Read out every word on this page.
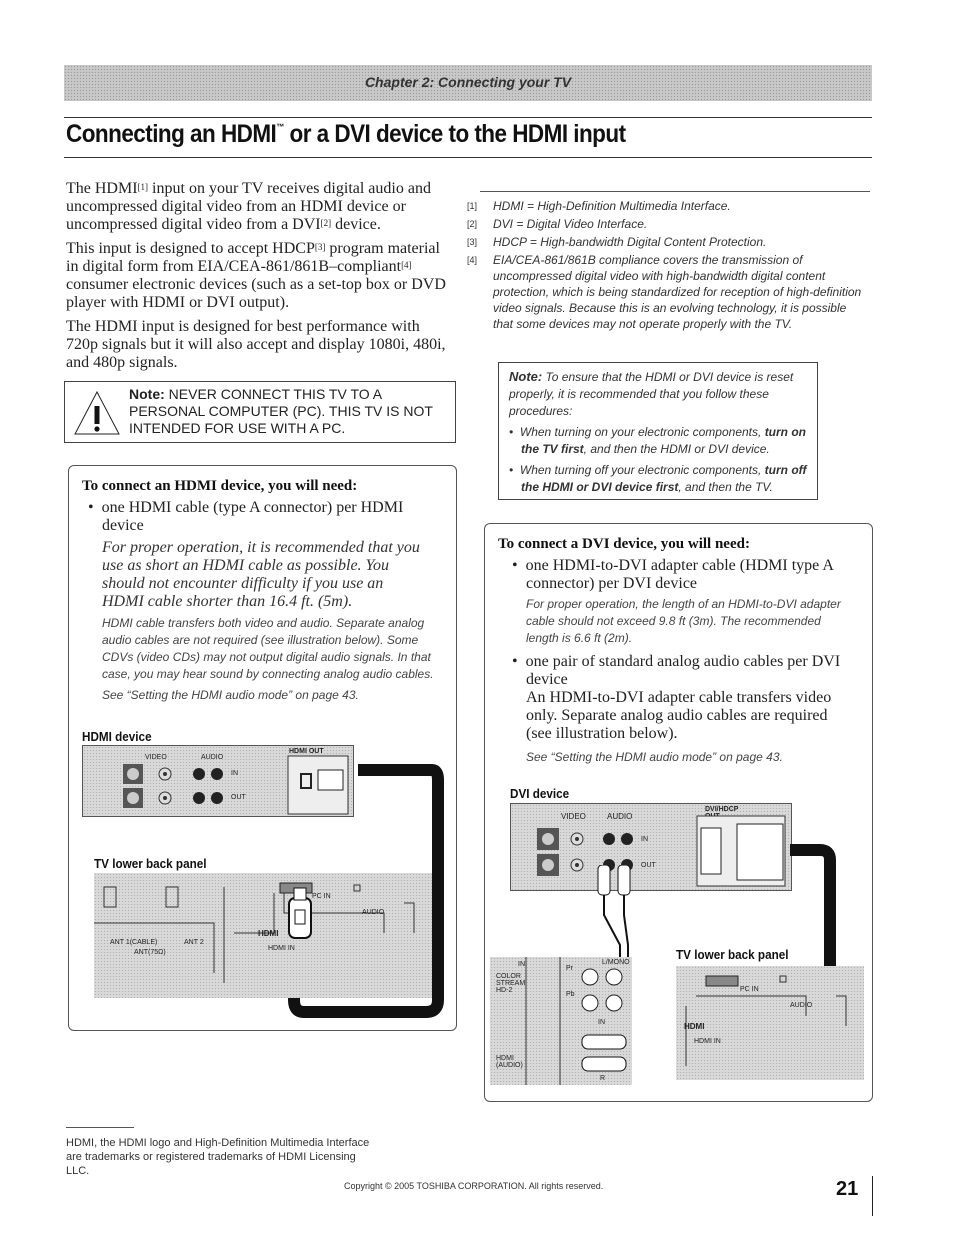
Chapter 2: Connecting your TV
Connecting an HDMI™ or a DVI device to the HDMI input

The HDMI[1] input on your TV receives digital audio and uncompressed digital video from an HDMI device or uncompressed digital video from a DVI[2] device.

This input is designed to accept HDCP[3] program material in digital form from EIA/CEA-861/861B–compliant[4] consumer electronic devices (such as a set-top box or DVD player with HDMI or DVI output).

The HDMI input is designed for best performance with 720p signals but it will also accept and display 1080i, 480i, and 480p signals.

[1] HDMI = High-Definition Multimedia Interface.

[2] DVI = Digital Video Interface.

[3] HDCP = High-bandwidth Digital Content Protection.

[4] EIA/CEA-861/861B compliance covers the transmission of uncompressed digital video with high-bandwidth digital content protection, which is being standardized for reception of high-definition video signals. Because this is an evolving technology, it is possible that some devices may not operate properly with the TV.

Note: NEVER CONNECT THIS TV TO A PERSONAL COMPUTER (PC). THIS TV IS NOT INTENDED FOR USE WITH A PC.
Note: To ensure that the HDMI or DVI device is reset properly, it is recommended that you follow these procedures:
•  When turning on your electronic components, turn on the TV first, and then the HDMI or DVI device.
•  When turning off your electronic components, turn off the HDMI or DVI device first, and then the TV.
To connect an HDMI device, you will need:
•  one HDMI cable (type A connector) per HDMI device
For proper operation, it is recommended that you use as short an HDMI cable as possible. You should not encounter difficulty if you use an HDMI cable shorter than 16.4 ft. (5m).
HDMI cable transfers both video and audio. Separate analog audio cables are not required (see illustration below). Some CDVs (video CDs) may not output digital audio signals. In that case, you may hear sound by connecting analog audio cables.
See “Setting the HDMI audio mode” on page 43.
HDMI device
VIDEO	AUDIO
HDMI OUT
IN
OUT
TV lower back panel
PC IN
AUDIO
HDMI
HDMI IN
ANT 1(CABLE)	ANT 2
ANT(75Ω)
To connect a DVI device, you will need:
•  one HDMI-to-DVI adapter cable (HDMI type A connector) per DVI device
For proper operation, the length of an HDMI-to-DVI adapter cable should not exceed 9.8 ft (3m). The recommended length is 6.6 ft (2m).
•  one pair of standard analog audio cables per DVI device
An HDMI-to-DVI adapter cable transfers video only. Separate analog audio cables are required (see illustration below).
See “Setting the HDMI audio mode” on page 43.
DVI device
VIDEO	AUDIO
DVI/HDCP
IN
OUT
TV lower back panel
IN
COLOR STREAM HD-2
Pr
Pb
L/MONO
IN
HDMI (AUDIO)
R
PC IN
AUDIO
HDMI
HDMI IN
HDMI, the HDMI logo and High-Definition Multimedia Interface are trademarks or registered trademarks of HDMI Licensing LLC.
Copyright © 2005 TOSHIBA CORPORATION. All rights reserved.	21
